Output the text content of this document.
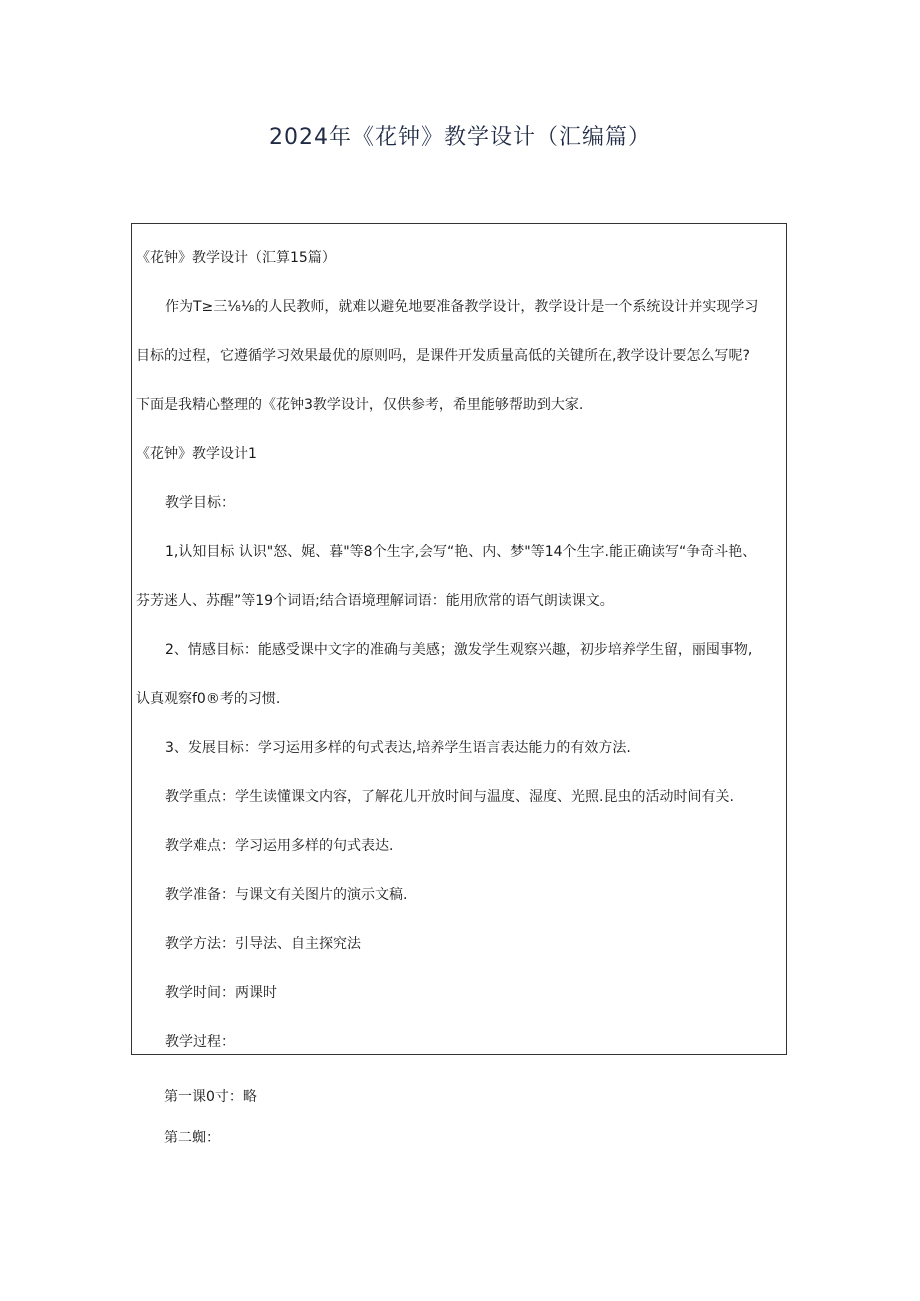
2024年《花钟》教学设计（汇编篇）
《花钟》教学设计（汇算15篇）
作为T≥三⅛⅛的人民教师，就难以避免地要准备教学设计，教学设计是一个系统设计并实现学习
目标的过程，它遵循学习效果最优的原则吗，是课件开发质量高低的关键所在,教学设计要怎么写呢?
下面是我精心整理的《花钟3教学设计，仅供参考，希里能够帮助到大家.
《花钟》教学设计1
教学目标：
1,认知目标 认识"怒、娓、暮"等8个生字,会写“艳、内、梦"等14个生字.能正确读写“争奇斗艳、
芬芳迷人、苏醒”等19个词语;结合语境理解词语：能用欣常的语气朗读课文。
2、情感目标：能感受课中文字的准确与美感；激发学生观察兴趣，初步培养学生留，丽囤事物,
认真观察f0®考的习惯.
3、发展目标：学习运用多样的句式表达,培养学生语言表达能力的有效方法.
教学重点：学生读懂课文内容，了解花儿开放时间与温度、湿度、光照.昆虫的活动时间有关.
教学难点：学习运用多样的句式表达.
教学准备：与课文有关图片的演示文稿.
教学方法：引导法、自主探究法
教学时间：两课时
教学过程：
第一课0寸：略
第二蜘：
